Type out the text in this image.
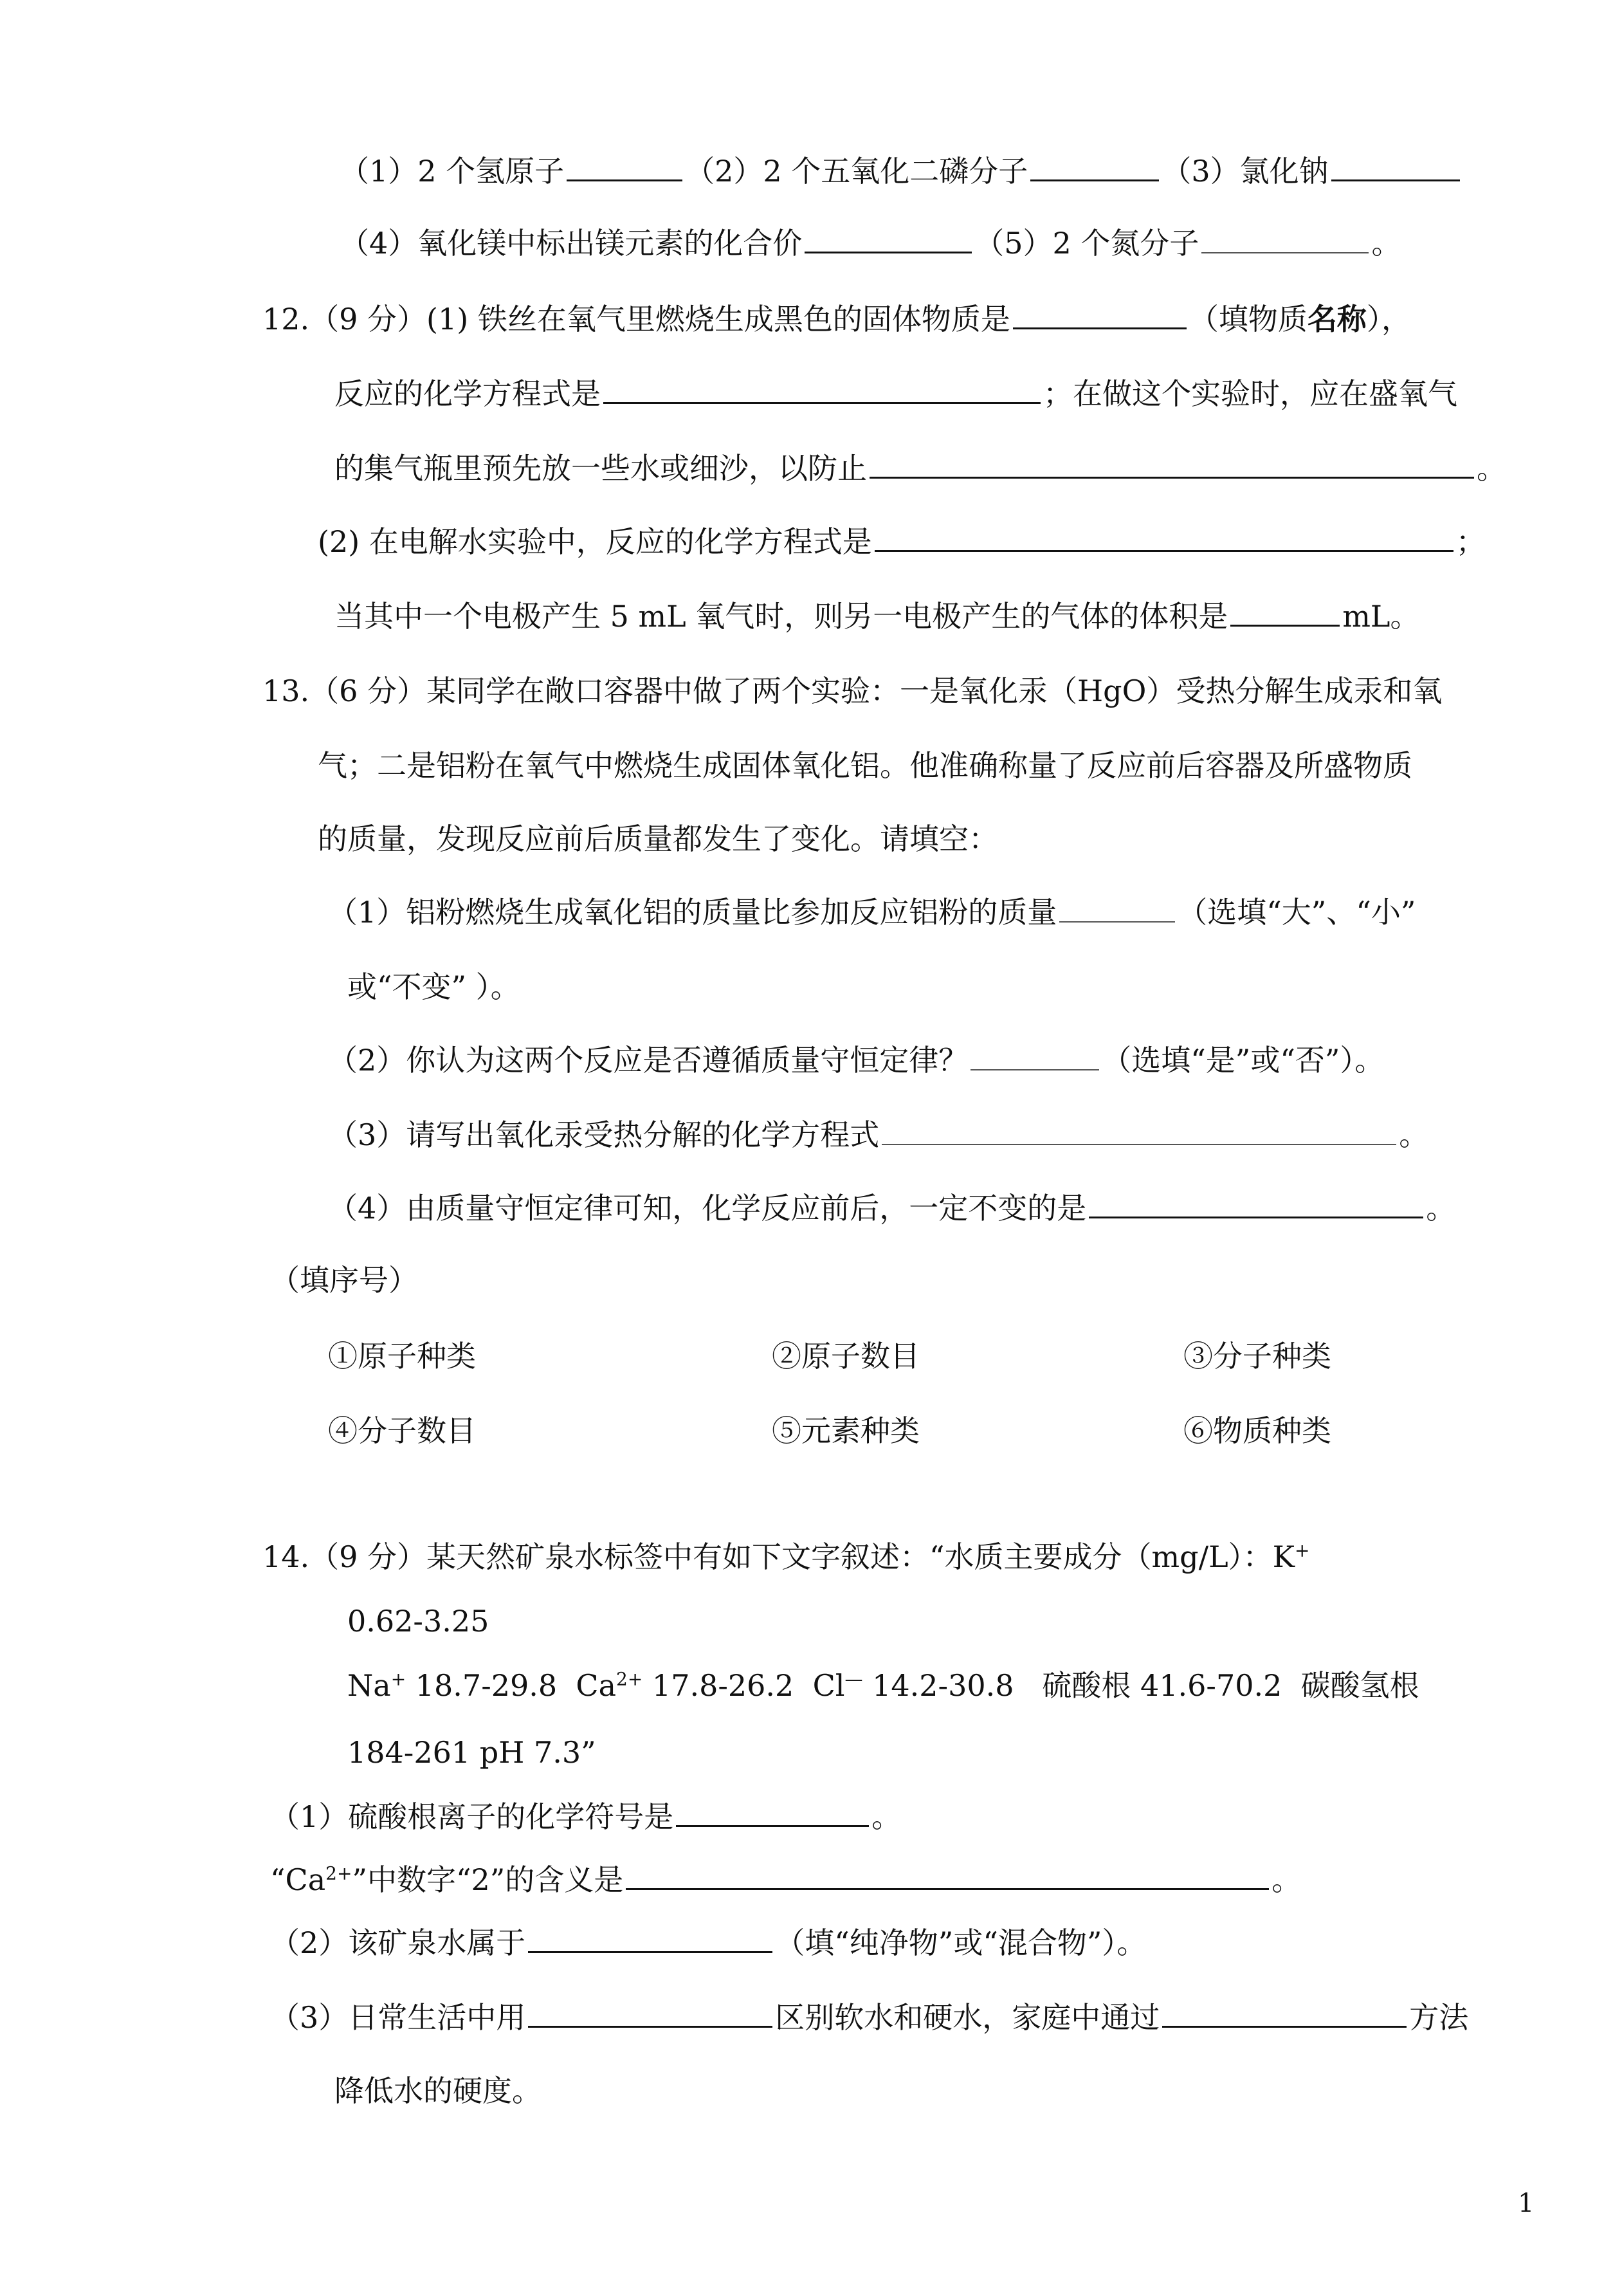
（1）2 个氢原子	（2）2 个五氧化二磷分子	（3）氯化钠
（4）氧化镁中标出镁元素的化合价	（5）2 个氮分子	。
12.（9 分）(1) 铁丝在氧气里燃烧生成黑色的固体物质是	（填物质名称），
反应的化学方程式是	；在做这个实验时，应在盛氧气
的集气瓶里预先放一些水或细沙，以防止	。
(2) 在电解水实验中，反应的化学方程式是	；
当其中一个电极产生 5 mL 氧气时，则另一电极产生的气体的体积是	mL。
13.（6 分）某同学在敞口容器中做了两个实验：一是氧化汞（HgO）受热分解生成汞和氧
气；二是铝粉在氧气中燃烧生成固体氧化铝。他准确称量了反应前后容器及所盛物质
的质量，发现反应前后质量都发生了变化。请填空：
（1）铝粉燃烧生成氧化铝的质量比参加反应铝粉的质量	（选填“大”、“小”
或“不变” ）。
（2）你认为这两个反应是否遵循质量守恒定律？	（选填“是”或“否”）。
（3）请写出氧化汞受热分解的化学方程式	。
（4）由质量守恒定律可知，化学反应前后，一定不变的是	。
（填序号）
①原子种类	②原子数目	③分子种类
④分子数目	⑤元素种类	⑥物质种类
14.（9 分）某天然矿泉水标签中有如下文字叙述：“水质主要成分（mg/L）：K+
0.62-3.25
Na+ 18.7-29.8  $Ca^{2+}$ 17.8-26.2  Cl— 14.2-30.8   硫酸根 41.6-70.2  碳酸氢根
184-261 pH 7.3”
（1）硫酸根离子的化学符号是	。
“$Ca^{2+}$”中数字“2”的含义是	。
（2）该矿泉水属于	（填“纯净物”或“混合物”）。
（3）日常生活中用	区别软水和硬水，家庭中通过	方法
降低水的硬度。
1
